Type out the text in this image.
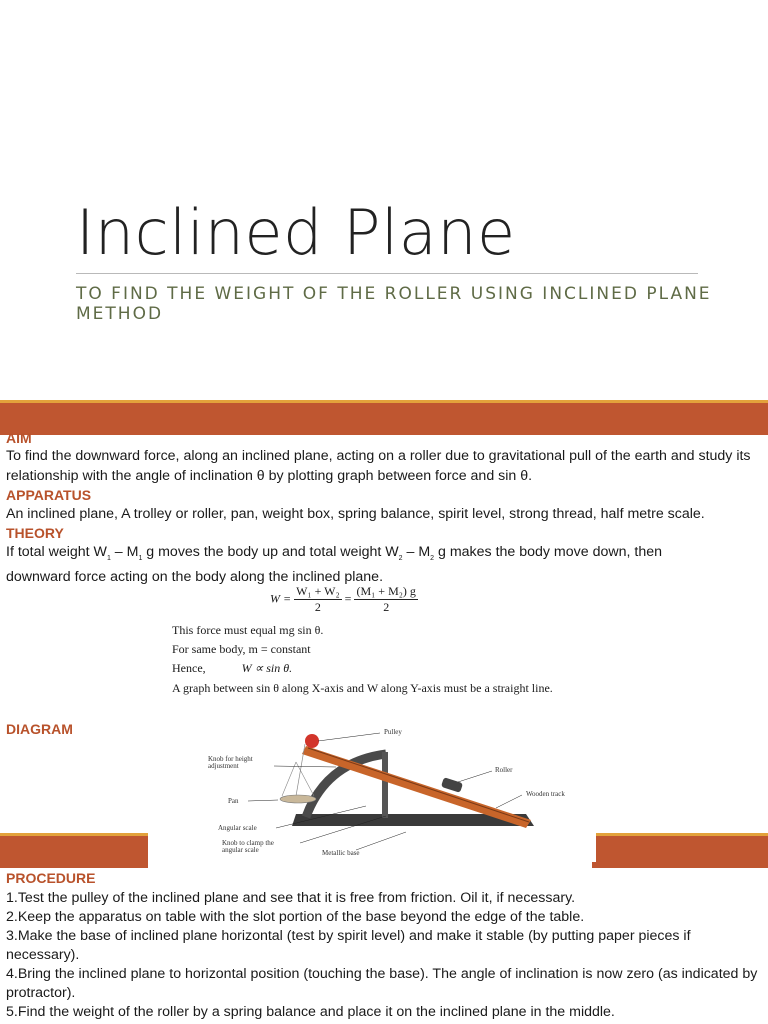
Inclined Plane
TO FIND THE WEIGHT OF THE ROLLER USING INCLINED PLANE METHOD
AIM
To find the downward force, along an inclined plane, acting on a roller due to gravitational pull of the earth and study its relationship with the angle of inclination θ by plotting graph between force and sin θ.
APPARATUS
An inclined plane, A trolley or roller, pan, weight box, spring balance, spirit level, strong thread, half metre scale.
THEORY
If total weight $W_1 - M_1$ g moves the body up and total weight $W_2 - M_2$ g makes the body move down, then
downward force acting on the body along the inclined plane.
$W = \frac{\text{W₁ + W₂}}{2} = \frac{\text{(M₁ + M₂) g}}{2}$
This force must equal mg sin θ.
For same body, m = constant
Hence,	W ∝ sin θ.
A graph between sin θ along X-axis and W along Y-axis must be a straight line.
DIAGRAM	Pulley
Knob for height
adjustment	Roller
Wooden track
Pan
Angular scale
Knob to clamp the
angular scale	Metallic base
PROCEDURE
1.Test the pulley of the inclined plane and see that it is free from friction. Oil it, if necessary.
2.Keep the apparatus on table with the slot portion of the base beyond the edge of the table.
3.Make the base of inclined plane horizontal (test by spirit level) and make it stable (by putting paper pieces if necessary).
4.Bring the inclined plane to horizontal position (touching the base). The angle of inclination is now zero (as indicated by protractor).
5.Find the weight of the roller by a spring balance and place it on the inclined plane in the middle.
